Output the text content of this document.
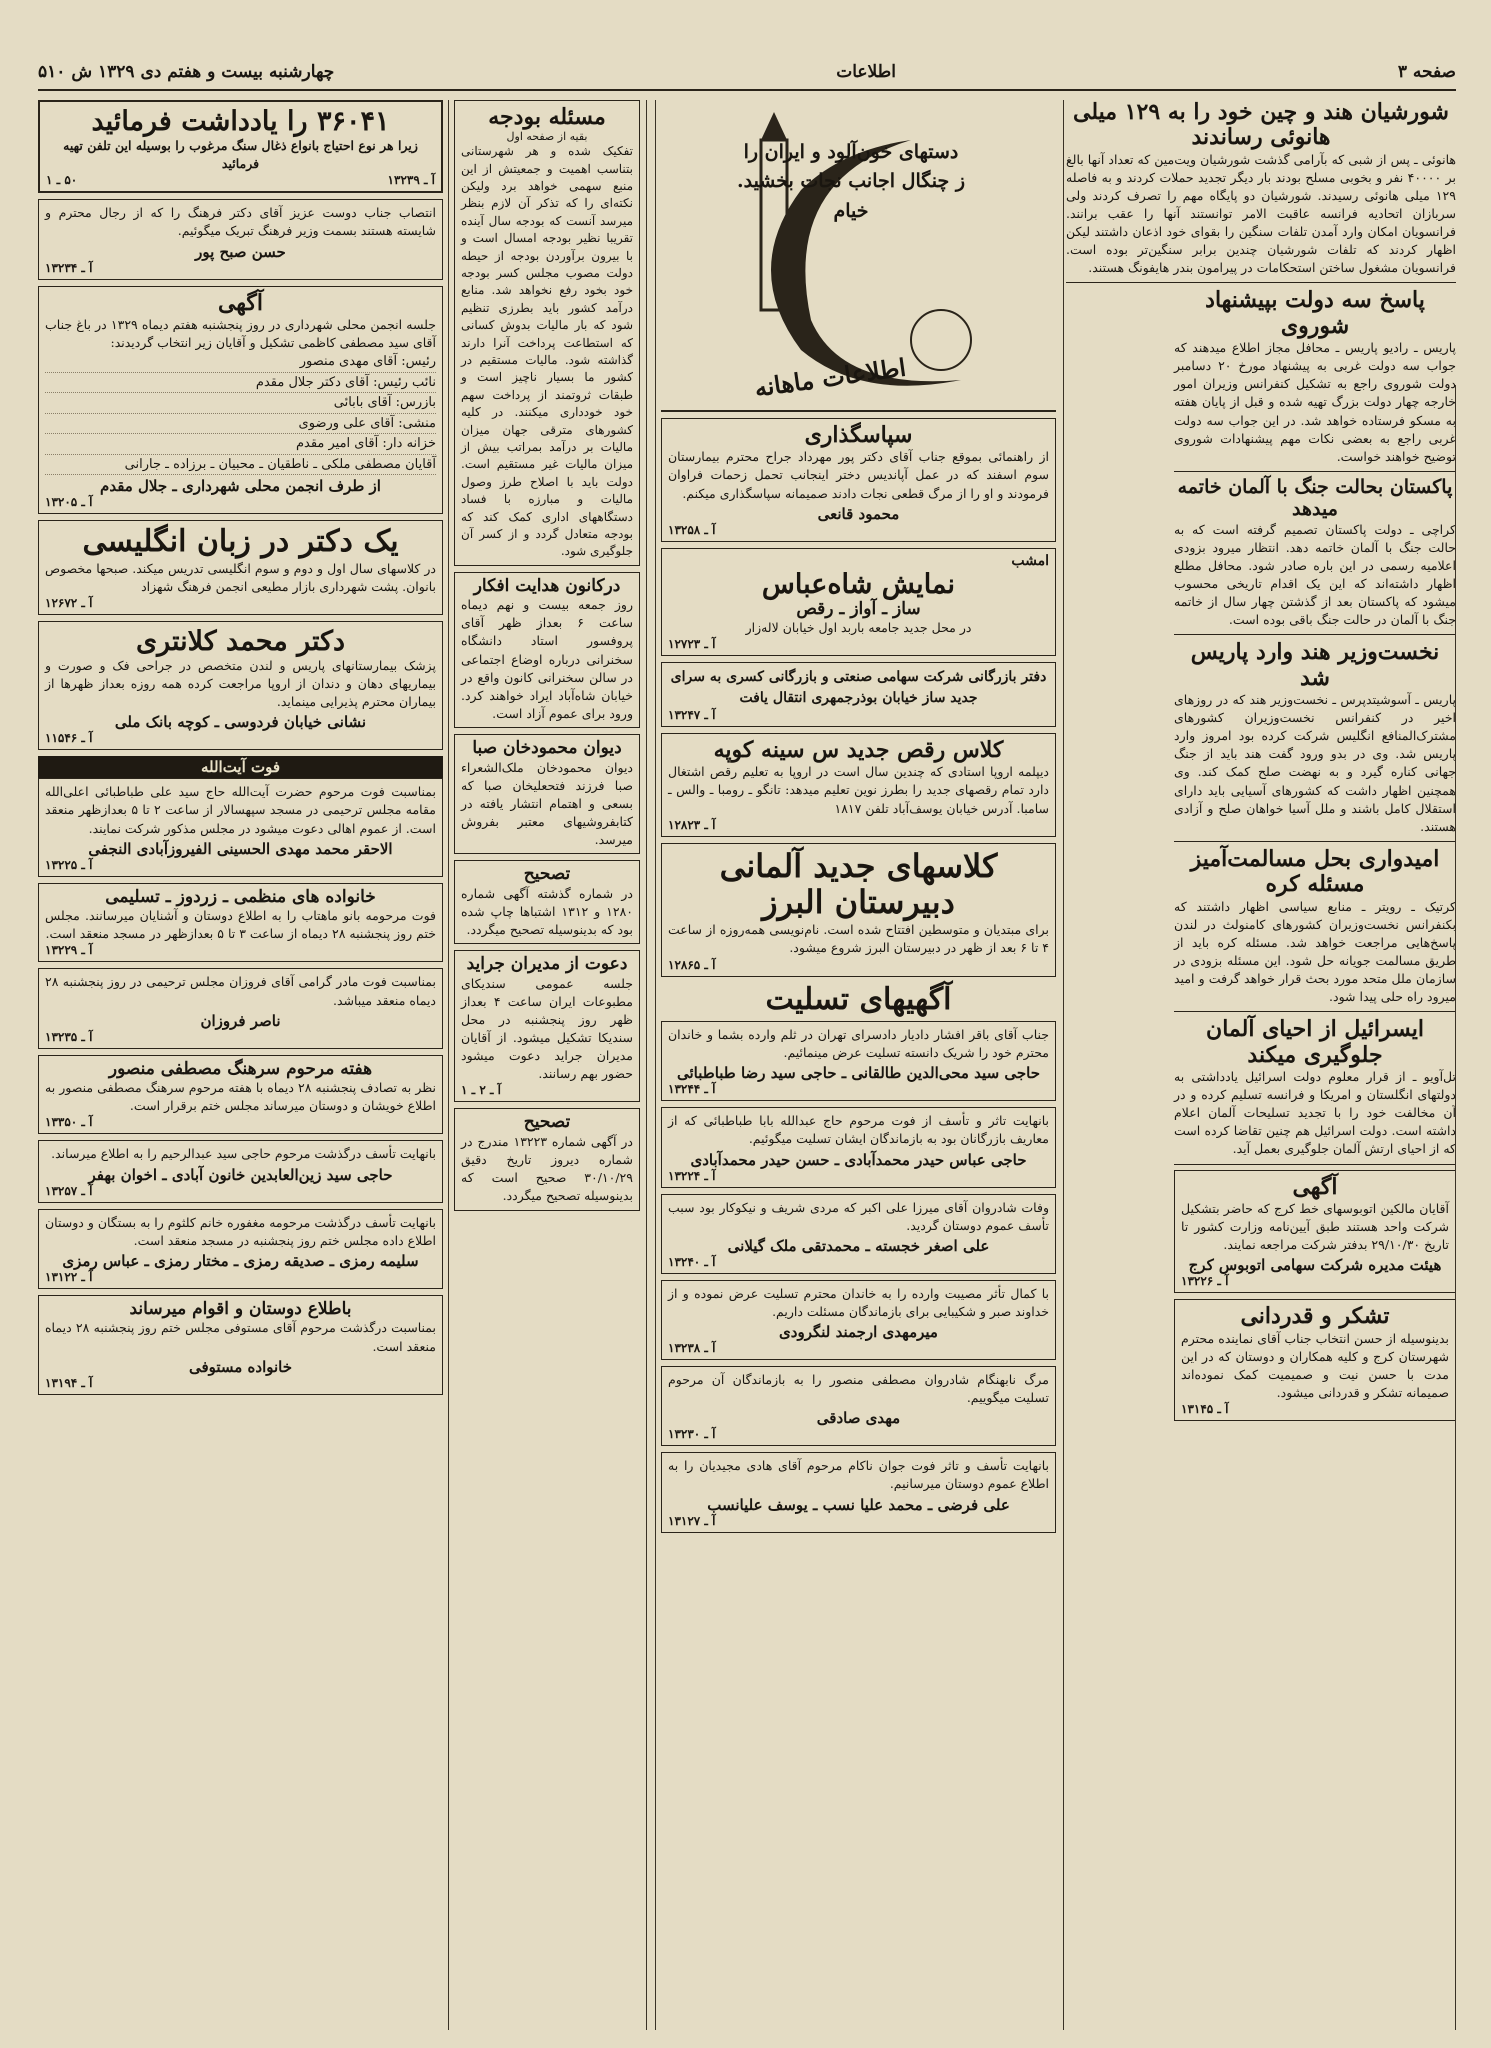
صفحه ۳
اطلاعات
چهارشنبه بیست و هفتم دی ۱۳۲۹ ش ۵۱۰
شورشیان هند و چین خود را به ۱۲۹ میلی هانوئی رساندند
هانوئی ـ پس از شبی که بآرامی گذشت شورشیان ویت‌مین که تعداد آنها بالغ بر ۴۰۰۰۰ نفر و بخوبی مسلح بودند بار دیگر تجدید حملات کردند و به فاصله ۱۲۹ میلی هانوئی رسیدند. شورشیان دو پایگاه مهم را تصرف کردند ولی سربازان اتحادیه فرانسه عاقبت الامر توانستند آنها را عقب برانند. فرانسویان امکان وارد آمدن تلفات سنگین را بقوای خود اذعان داشتند لیکن اظهار کردند که تلفات شورشیان چندین برابر سنگین‌تر بوده است. فرانسویان مشغول ساختن استحکامات در پیرامون بندر هایفونگ هستند.
پاسخ سه دولت بپیشنهاد شوروی
پاریس ـ رادیو پاریس ـ محافل مجاز اطلاع میدهند که جواب سه دولت غربی به پیشنهاد مورخ ۲۰ دسامبر دولت شوروی راجع به تشکیل کنفرانس وزیران امور خارجه چهار دولت بزرگ تهیه شده و قبل از پایان هفته به مسکو فرستاده خواهد شد. در این جواب سه دولت غربی راجع به بعضی نکات مهم پیشنهادات شوروی توضیح خواهند خواست.
پاکستان بحالت جنگ با آلمان خاتمه میدهد
کراچی ـ دولت پاکستان تصمیم گرفته است که به حالت جنگ با آلمان خاتمه دهد. انتظار میرود بزودی اعلامیه رسمی در این باره صادر شود. محافل مطلع اظهار داشته‌اند که این یک اقدام تاریخی محسوب میشود که پاکستان بعد از گذشتن چهار سال از خاتمه جنگ با آلمان در حالت جنگ باقی بوده است.
نخست‌وزیر هند وارد پاریس شد
پاریس ـ آسوشیتدپرس ـ نخست‌وزیر هند که در روزهای اخیر در کنفرانس نخست‌وزیران کشورهای مشترک‌المنافع انگلیس شرکت کرده بود امروز وارد پاریس شد. وی در بدو ورود گفت هند باید از جنگ جهانی کناره گیرد و به نهضت صلح کمک کند. وی همچنین اظهار داشت که کشورهای آسیایی باید دارای استقلال کامل باشند و ملل آسیا خواهان صلح و آزادی هستند.
امیدواری بحل مسالمت‌آمیز مسئله کره
کرتیک ـ رویتر ـ منابع سیاسی اظهار داشتند که بکنفرانس نخست‌وزیران کشورهای کامنولث در لندن پاسخ‌هایی مراجعت خواهد شد. مسئله کره باید از طریق مسالمت جویانه حل شود. این مسئله بزودی در سازمان ملل متحد مورد بحث قرار خواهد گرفت و امید میرود راه حلی پیدا شود.
ایسرائیل از احیای آلمان جلوگیری میکند
تل‌آویو ـ از قرار معلوم دولت اسرائیل یادداشتی به دولتهای انگلستان و امریکا و فرانسه تسلیم کرده و در آن مخالفت خود را با تجدید تسلیحات آلمان اعلام داشته است. دولت اسرائیل هم چنین تقاضا کرده است که از احیای ارتش آلمان جلوگیری بعمل آید.
آگهی
آقایان مالکین اتوبوسهای خط کرج که حاضر بتشکیل شرکت واحد هستند طبق آیین‌نامه وزارت کشور تا تاریخ ۲۹/۱۰/۳۰ بدفتر شرکت مراجعه نمایند.
هیئت مدیره شرکت سهامی اتوبوس کرج
آ ـ ۱۳۲۲۶
تشکر و قدردانی
بدینوسیله از حسن انتخاب جناب آقای نماینده محترم شهرستان کرج و کلیه همکاران و دوستان که در این مدت با حسن نیت و صمیمیت کمک نموده‌اند صمیمانه تشکر و قدردانی میشود.
آ ـ ۱۳۱۴۵
دستهای خون‌آلود و ایران را ز چنگال اجانب نجات بخشید. خیام
اطلاعات ماهانه
سپاسگذاری
از راهنمائی بموقع جناب آقای دکتر پور مهرداد جراح محترم بیمارستان سوم اسفند که در عمل آپاندیس دختر اینجانب تحمل زحمات فراوان فرمودند و او را از مرگ قطعی نجات دادند صمیمانه سپاسگذاری میکنم.
محمود قانعی
آ ـ ۱۳۲۵۸
امشب
نمایش شاه‌عباس
ساز ـ آواز ـ رقص
در محل جدید جامعه باربد اول خیابان لاله‌زار
آ ـ ۱۲۷۲۳
دفتر بازرگانی شرکت سهامی صنعتی و بازرگانی کسری به سرای جدید ساز خیابان بوذرجمهری انتقال یافت
آ ـ ۱۳۲۴۷
کلاس رقص جدید س سینه کوپه
دیپلمه اروپا استادی که چندین سال است در اروپا به تعلیم رقص اشتغال دارد تمام رقصهای جدید را بطرز نوین تعلیم میدهد: تانگو ـ رومبا ـ والس ـ سامبا. آدرس خیابان یوسف‌آباد تلفن ۱۸۱۷
آ ـ ۱۲۸۲۳
کلاسهای جدید آلمانی
دبیرستان البرز
برای مبتدیان و متوسطین افتتاح شده است. نام‌نویسی همه‌روزه از ساعت ۴ تا ۶ بعد از ظهر در دبیرستان البرز شروع میشود.
آ ـ ۱۲۸۶۵
آگهیهای تسلیت
جناب آقای باقر افشار دادیار دادسرای تهران در ثلم وارده بشما و خاندان محترم خود را شریک دانسته تسلیت عرض مینمائیم.
حاجی سید محی‌الدین طالقانی ـ حاجی سید رضا طباطبائی
آ ـ ۱۳۲۴۴
بانهایت تاثر و تأسف از فوت مرحوم حاج عبدالله بابا طباطبائی که از معاریف بازرگانان بود به بازماندگان ایشان تسلیت میگوئیم.
حاجی عباس حیدر محمدآبادی ـ حسن حیدر محمدآبادی
آ ـ ۱۳۲۲۴
وفات شادروان آقای میرزا علی اکبر که مردی شریف و نیکوکار بود سبب تأسف عموم دوستان گردید.
علی اصغر خجسته ـ محمدتقی ملک گیلانی
آ ـ ۱۳۲۴۰
با کمال تأثر مصیبت وارده را به خاندان محترم تسلیت عرض نموده و از خداوند صبر و شکیبایی برای بازماندگان مسئلت داریم.
میرمهدی ارجمند لنگرودی
آ ـ ۱۳۲۳۸
مرگ نابهنگام شادروان مصطفی منصور را به بازماندگان آن مرحوم تسلیت میگوییم.
مهدی صادقی
آ ـ ۱۳۲۳۰
بانهایت تأسف و تاثر فوت جوان ناکام مرحوم آقای هادی مجیدیان را به اطلاع عموم دوستان میرسانیم.
علی فرضی ـ محمد علیا نسب ـ یوسف علیانسب
آ ـ ۱۳۱۲۷
۳۶۰۴۱ را یادداشت فرمائید
زیرا هر نوع احتیاج بانواع ذغال سنگ مرغوب را بوسیله این تلفن تهیه فرمائید
آ ـ ۱۳۲۳۹
۵۰ ـ ۱
انتصاب جناب دوست عزیز آقای دکتر فرهنگ را که از رجال محترم و شایسته هستند بسمت وزیر فرهنگ تبریک میگوئیم.
حسن صبح پور
آ ـ ۱۳۲۳۴
آگهی
جلسه انجمن محلی شهرداری در روز پنجشنبه هفتم دیماه ۱۳۲۹ در باغ جناب آقای سید مصطفی کاظمی تشکیل و آقایان زیر انتخاب گردیدند:
رئیس: آقای مهدی منصور
نائب رئیس: آقای دکتر جلال مقدم
بازرس: آقای بابائی
منشی: آقای علی ورضوی
خزانه دار: آقای امیر مقدم
آقایان مصطفی ملکی ـ ناطقیان ـ محبیان ـ برزاده ـ جارانی
از طرف انجمن محلی شهرداری ـ جلال مقدم
آ ـ ۱۳۲۰۵
یک دکتر در زبان انگلیسی
در کلاسهای سال اول و دوم و سوم انگلیسی تدریس میکند. صبحها مخصوص بانوان. پشت شهرداری بازار مطیعی انجمن فرهنگ شهزاد
آ ـ ۱۲۶۷۲
دکتر محمد کلانتری
پزشک بیمارستانهای پاریس و لندن متخصص در جراحی فک و صورت و بیماریهای دهان و دندان از اروپا مراجعت کرده همه روزه بعداز ظهرها از بیماران محترم پذیرایی مینماید.
نشانی خیابان فردوسی ـ کوچه بانک ملی
آ ـ ۱۱۵۴۶
فوت آیت‌الله
بمناسبت فوت مرحوم حضرت آیت‌الله حاج سید علی طباطبائی اعلی‌الله مقامه مجلس ترحیمی در مسجد سپهسالار از ساعت ۲ تا ۵ بعدازظهر منعقد است. از عموم اهالی دعوت میشود در مجلس مذکور شرکت نمایند.
الاحقر محمد مهدی الحسینی الفیروزآبادی النجفی
آ ـ ۱۳۲۲۵
خانواده های منظمی ـ زردوز ـ تسلیمی
فوت مرحومه بانو ماهتاب را به اطلاع دوستان و آشنایان میرسانند. مجلس ختم روز پنجشنبه ۲۸ دیماه از ساعت ۳ تا ۵ بعدازظهر در مسجد منعقد است.
آ ـ ۱۳۲۲۹
بمناسبت فوت مادر گرامی آقای فروزان مجلس ترحیمی در روز پنجشنبه ۲۸ دیماه منعقد میباشد.
ناصر فروزان
آ ـ ۱۳۲۳۵
هفته مرحوم سرهنگ مصطفی منصور
نظر به تصادف پنجشنبه ۲۸ دیماه با هفته مرحوم سرهنگ مصطفی منصور به اطلاع خویشان و دوستان میرساند مجلس ختم برقرار است.
آ ـ ۱۳۳۵۰
بانهایت تأسف درگذشت مرحوم حاجی سید عبدالرحیم را به اطلاع میرساند.
حاجی سید زین‌العابدین خانون آبادی ـ اخوان بهفر
آ ـ ۱۳۲۵۷
بانهایت تأسف درگذشت مرحومه مغفوره خانم کلثوم را به بستگان و دوستان اطلاع داده مجلس ختم روز پنجشنبه در مسجد منعقد است.
سلیمه رمزی ـ صدیقه رمزی ـ مختار رمزی ـ عباس رمزی
آ ـ ۱۳۱۲۲
باطلاع دوستان و اقوام میرساند
بمناسبت درگذشت مرحوم آقای مستوفی مجلس ختم روز پنجشنبه ۲۸ دیماه منعقد است.
خانواده مستوفی
آ ـ ۱۳۱۹۴
مسئله بودجه
بقیه از صفحه اول
تفکیک شده و هر شهرستانی بتناسب اهمیت و جمعیتش از این منبع سهمی خواهد برد ولیکن نکته‌ای را که تذکر آن لازم بنظر میرسد آنست که بودجه سال آینده تقریبا نظیر بودجه امسال است و با بیرون برآوردن بودجه از حیطه دولت مصوب مجلس کسر بودجه خود بخود رفع نخواهد شد. منابع درآمد کشور باید بطرزی تنظیم شود که بار مالیات بدوش کسانی که استطاعت پرداخت آنرا دارند گذاشته شود. مالیات مستقیم در کشور ما بسیار ناچیز است و طبقات ثروتمند از پرداخت سهم خود خودداری میکنند. در کلیه کشورهای مترقی جهان میزان مالیات بر درآمد بمراتب بیش از میزان مالیات غیر مستقیم است. دولت باید با اصلاح طرز وصول مالیات و مبارزه با فساد دستگاههای اداری کمک کند که بودجه متعادل گردد و از کسر آن جلوگیری شود.
درکانون هدایت افکار
روز جمعه بیست و نهم دیماه ساعت ۶ بعداز ظهر آقای پروفسور استاد دانشگاه سخنرانی درباره اوضاع اجتماعی در سالن سخنرانی کانون واقع در خیابان شاه‌آباد ایراد خواهند کرد. ورود برای عموم آزاد است.
دیوان محمودخان صبا
دیوان محمودخان ملک‌الشعراء صبا فرزند فتحعلیخان صبا که بسعی و اهتمام انتشار یافته در کتابفروشیهای معتبر بفروش میرسد.
تصحیح
در شماره گذشته آگهی شماره ۱۲۸۰ و ۱۳۱۲ اشتباها چاپ شده بود که بدینوسیله تصحیح میگردد.
دعوت از مدیران جراید
جلسه عمومی سندیکای مطبوعات ایران ساعت ۴ بعداز ظهر روز پنجشنبه در محل سندیکا تشکیل میشود. از آقایان مدیران جراید دعوت میشود حضور بهم رسانند.
آ ـ ۲ ـ ۱
تصحیح
در آگهی شماره ۱۳۲۲۳ مندرج در شماره دیروز تاریخ دقیق ۳۰/۱۰/۲۹ صحیح است که بدینوسیله تصحیح میگردد.
